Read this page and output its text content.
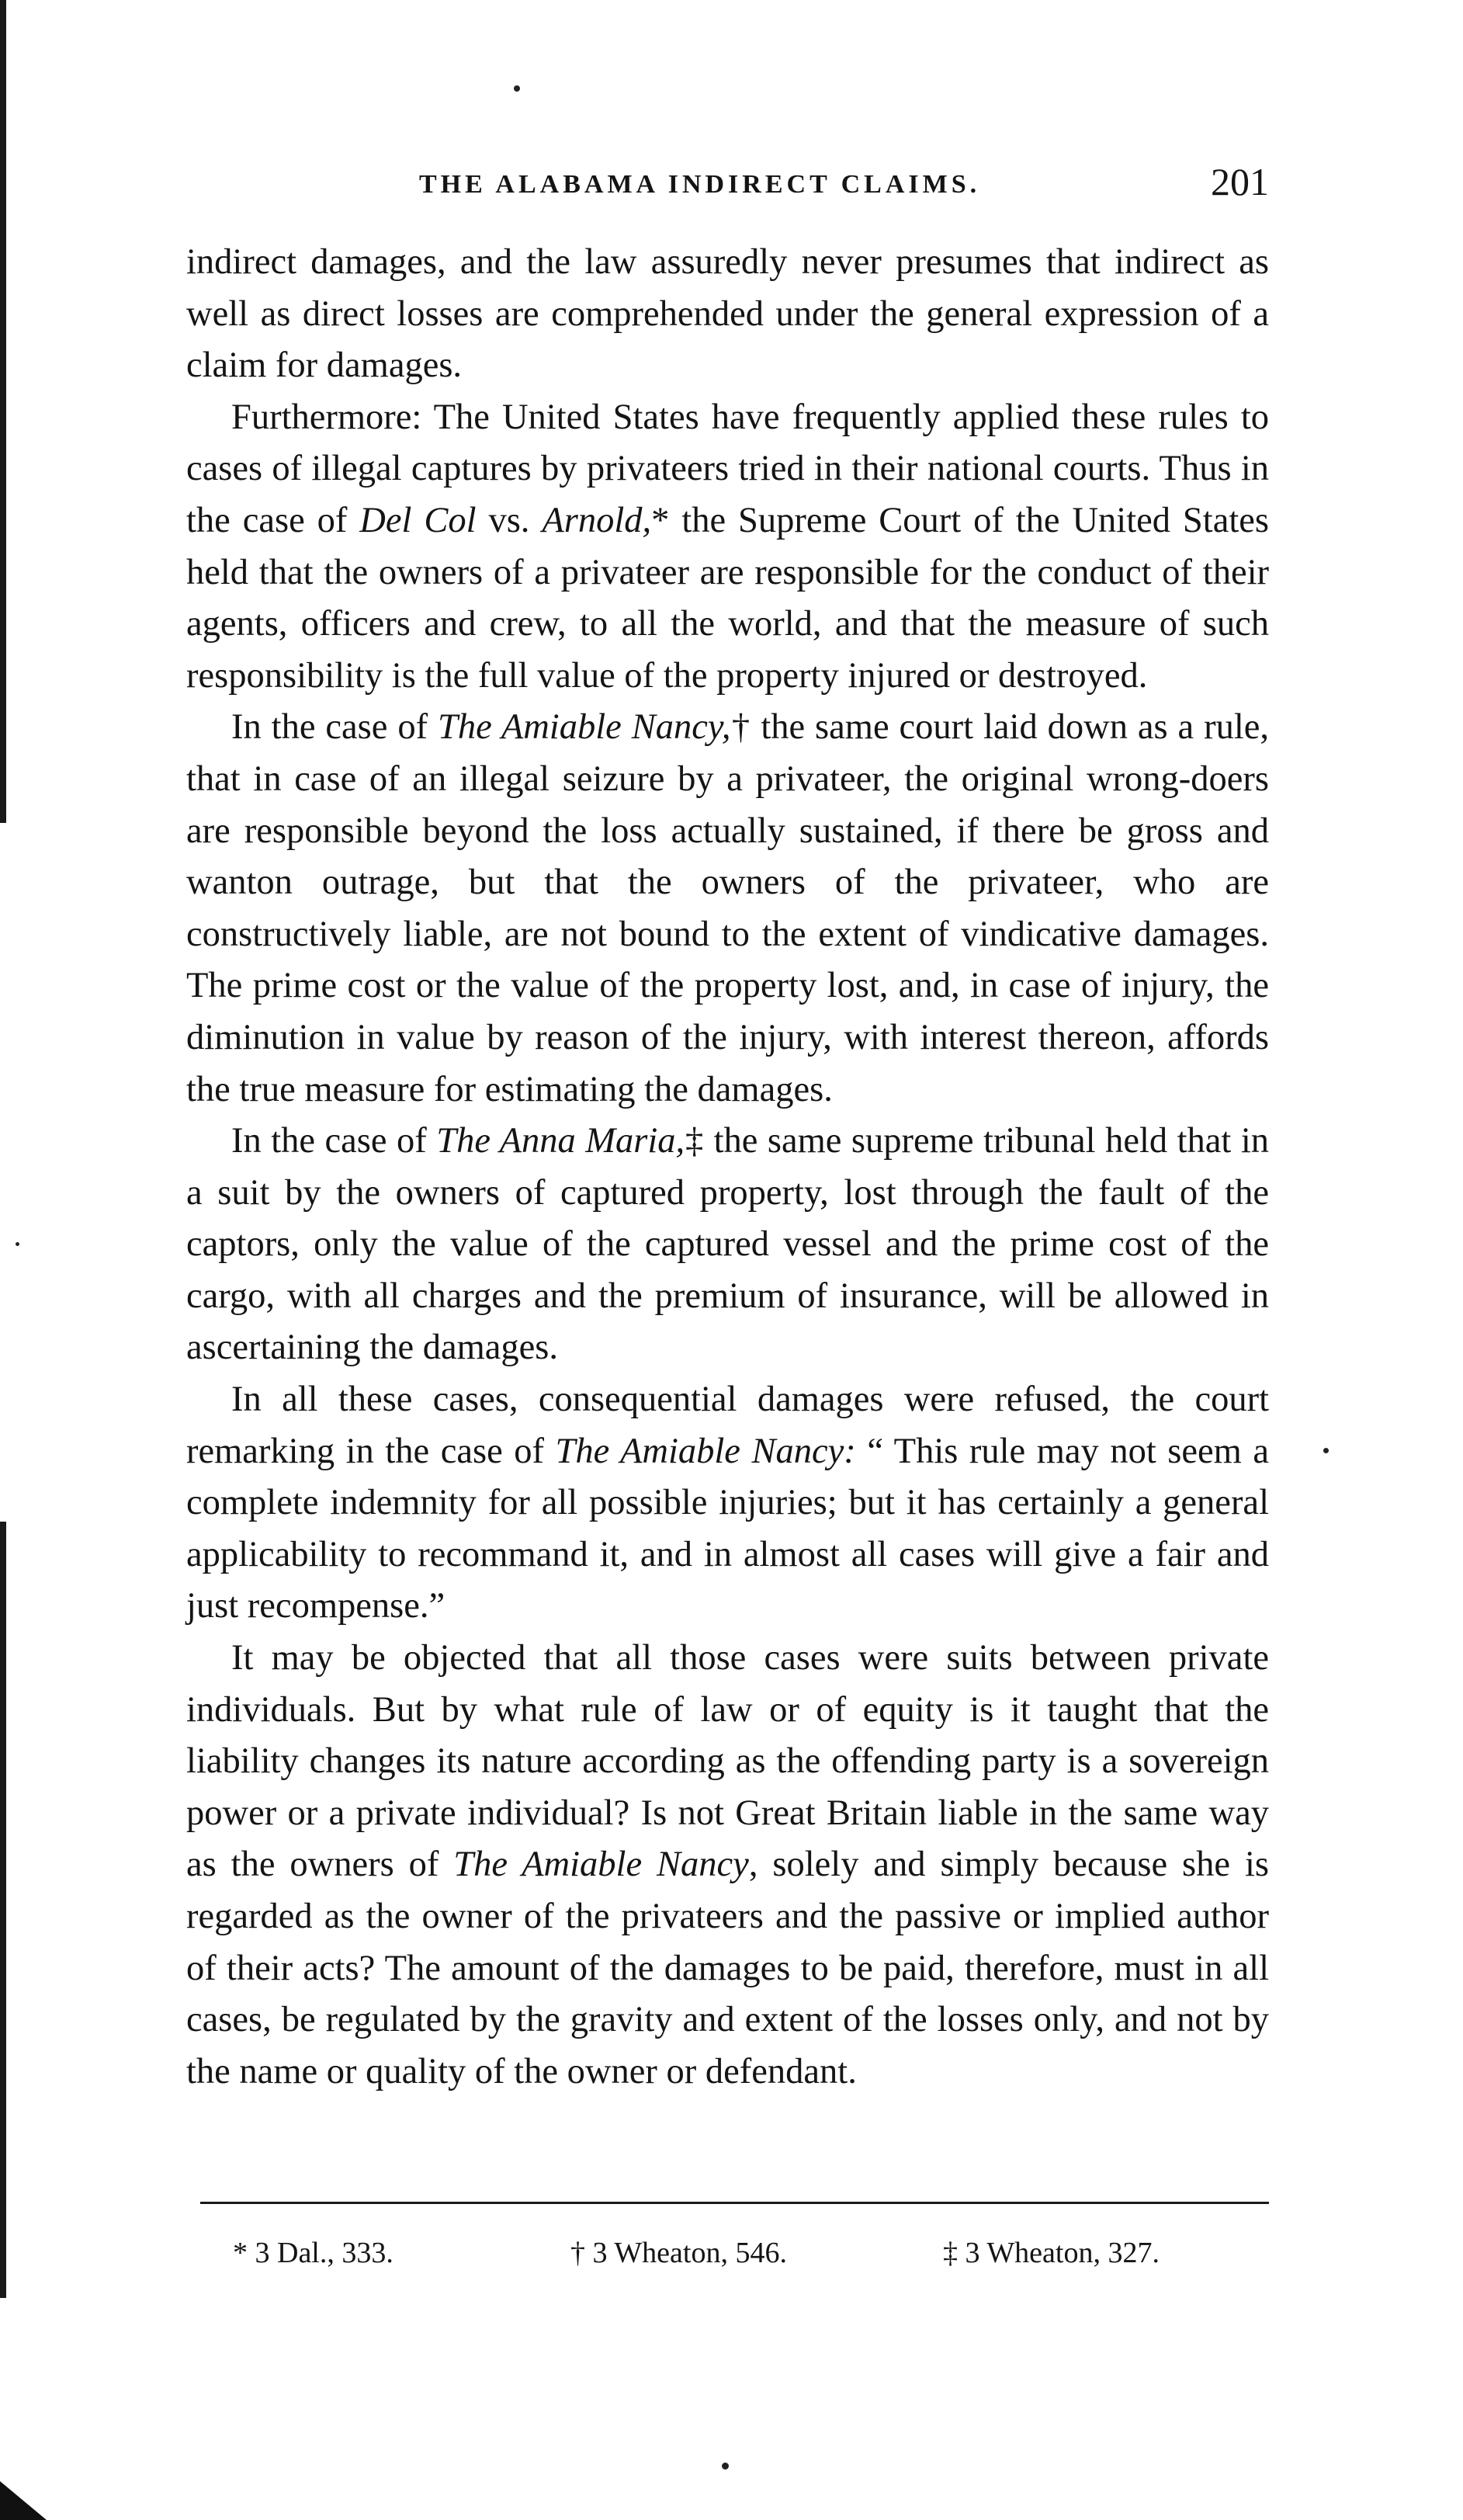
THE ALABAMA INDIRECT CLAIMS.	201

indirect damages, and the law assuredly never presumes that indirect as well as direct losses are comprehended under the general expression of a claim for damages.

Furthermore: The United States have frequently applied these rules to cases of illegal captures by privateers tried in their national courts. Thus in the case of Del Col vs. Arnold,* the Supreme Court of the United States held that the owners of a privateer are responsible for the conduct of their agents, officers and crew, to all the world, and that the measure of such responsibility is the full value of the property injured or destroyed.

In the case of The Amiable Nancy,† the same court laid down as a rule, that in case of an illegal seizure by a privateer, the original wrong-doers are responsible beyond the loss actually sustained, if there be gross and wanton outrage, but that the owners of the privateer, who are constructively liable, are not bound to the extent of vindicative damages. The prime cost or the value of the property lost, and, in case of injury, the diminution in value by reason of the injury, with interest thereon, affords the true measure for estimating the damages.

In the case of The Anna Maria,‡ the same supreme tribunal held that in a suit by the owners of captured property, lost through the fault of the captors, only the value of the captured vessel and the prime cost of the cargo, with all charges and the premium of insurance, will be allowed in ascertaining the damages.

In all these cases, consequential damages were refused, the court remarking in the case of The Amiable Nancy: “ This rule may not seem a complete indemnity for all possible injuries; but it has certainly a general applicability to recommand it, and in almost all cases will give a fair and just recompense.”

It may be objected that all those cases were suits between private individuals. But by what rule of law or of equity is it taught that the liability changes its nature according as the offending party is a sovereign power or a private individual? Is not Great Britain liable in the same way as the owners of The Amiable Nancy, solely and simply because she is regarded as the owner of the privateers and the passive or implied author of their acts? The amount of the damages to be paid, therefore, must in all cases, be regulated by the gravity and extent of the losses only, and not by the name or quality of the owner or defendant.

* 3 Dal., 333.	† 3 Wheaton, 546.	‡ 3 Wheaton, 327.
